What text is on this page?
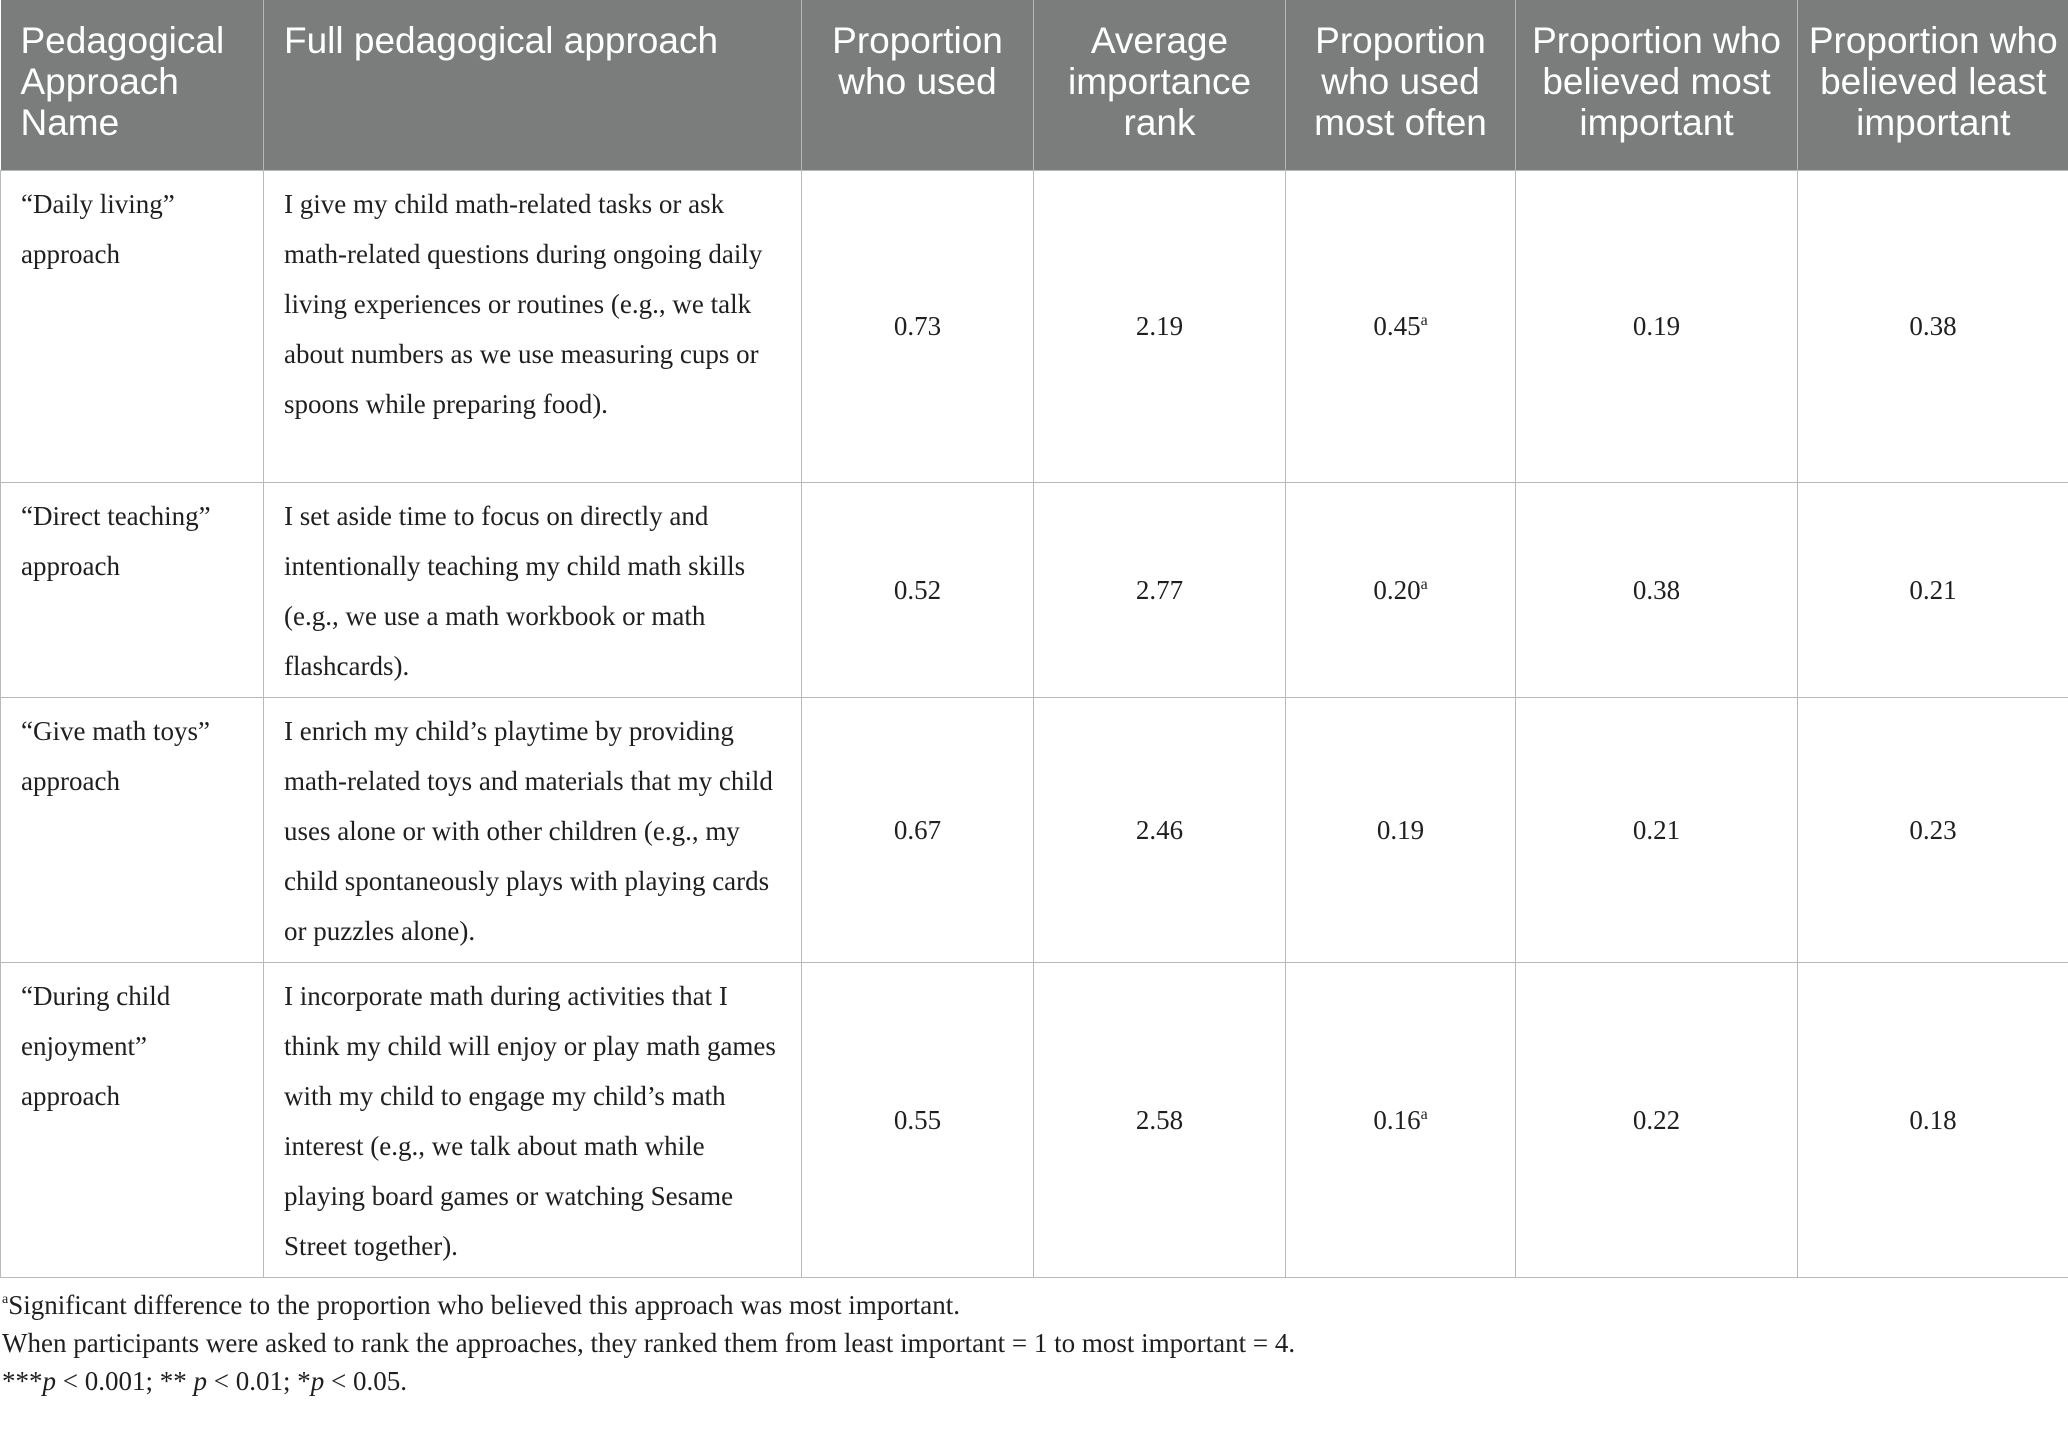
Pedagogical Approach Name	Full pedagogical approach	Proportion who used	Average importance rank	Proportion who used most often	Proportion who believed most important	Proportion who believed least important
“Daily living” approach	I give my child math-related tasks or ask math-related questions during ongoing daily living experiences or routines (e.g., we talk about numbers as we use measuring cups or spoons while preparing food).	0.73	2.19	0.45$^a$	0.19	0.38
“Direct teaching” approach	I set aside time to focus on directly and intentionally teaching my child math skills (e.g., we use a math workbook or math flashcards).	0.52	2.77	0.20$^a$	0.38	0.21
“Give math toys” approach	I enrich my child’s playtime by providing math-related toys and materials that my child uses alone or with other children (e.g., my child spontaneously plays with playing cards or puzzles alone).	0.67	2.46	0.19	0.21	0.23
“During child enjoyment” approach	I incorporate math during activities that I think my child will enjoy or play math games with my child to engage my child’s math interest (e.g., we talk about math while playing board games or watching Sesame Street together).	0.55	2.58	0.16$^a$	0.22	0.18
$^a$Significant difference to the proportion who believed this approach was most important.
When participants were asked to rank the approaches, they ranked them from least important = 1 to most important = 4.
***p < 0.001; ** p < 0.01; *p < 0.05.
